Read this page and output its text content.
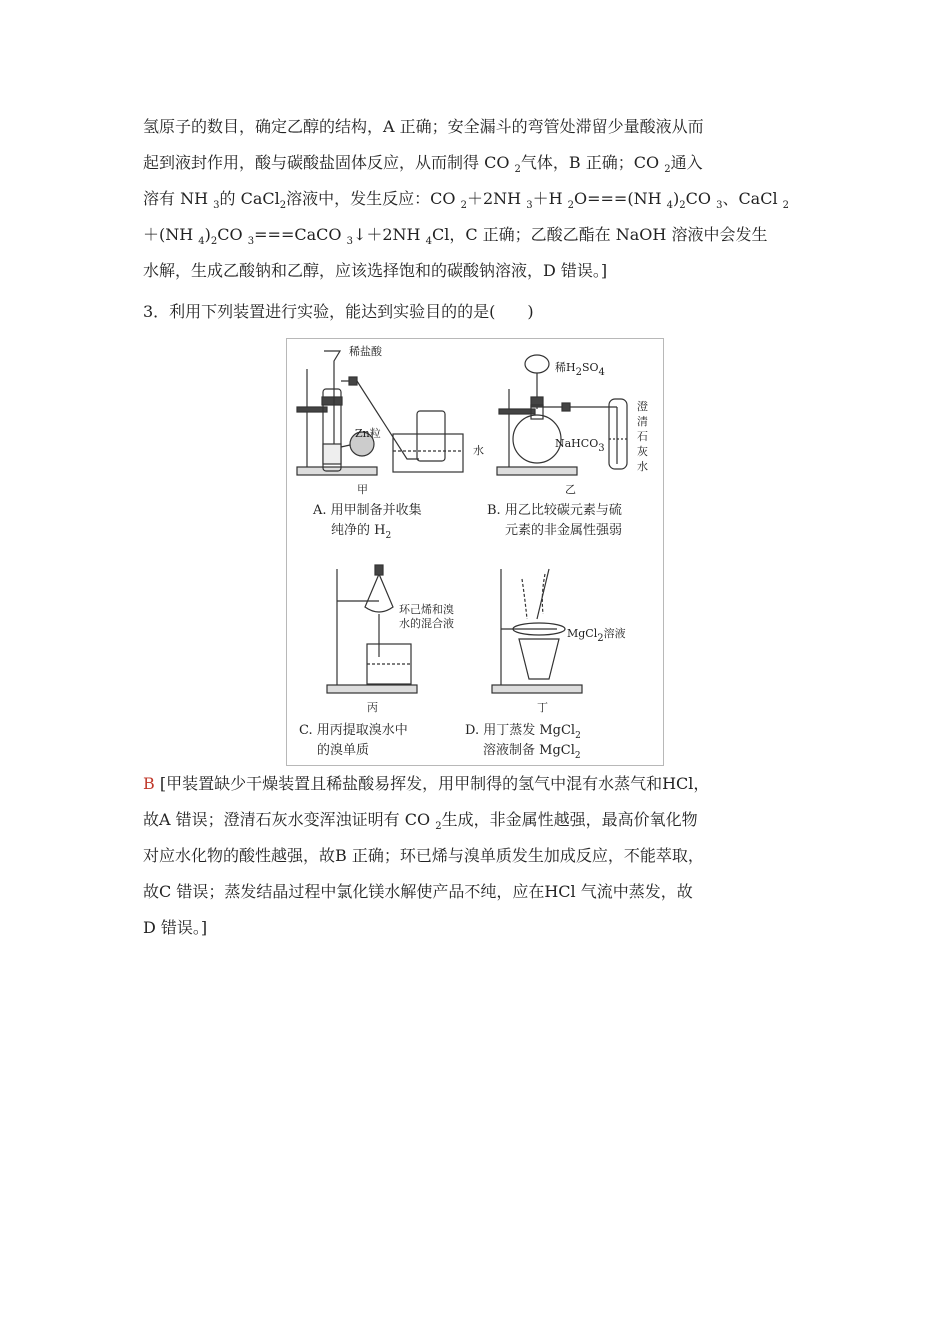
氢原子的数目，确定乙醇的结构，A 正确；安全漏斗的弯管处滞留少量酸液从而
起到液封作用，酸与碳酸盐固体反应，从而制得 CO $_2$气体，B 正确；CO $_2$通入
溶有 NH $_3$的 CaCl$_2$溶液中，发生反应：CO $_2$＋2NH $_3$＋H $_2$O===(NH $_4)_2CO$ $_3$、CaCl $_2$
＋(NH $_4)_2CO$ $_3$===CaCO $_3$↓＋2NH $_4$Cl，C 正确；乙酸乙酯在 NaOH 溶液中会发生
水解，生成乙酸钠和乙醇，应该选择饱和的碳酸钠溶液，D 错误。]
3．利用下列装置进行实验，能达到实验目的的是(　　)
稀盐酸
Zn粒
水
甲
稀$H_2SO_4$
NaHCO$_3$
澄
清
石
灰
水
乙
A. 用甲制备并收集
纯净的 $H_2$
B. 用乙比较碳元素与硫
元素的非金属性强弱
环己烯和溴
水的混合液
MgCl$_2$溶液
丙	丁
C. 用丙提取溴水中
的溴单质
D. 用丁蒸发 MgCl$_2$
溶液制备 MgCl$_2$
B [甲装置缺少干燥装置且稀盐酸易挥发，用甲制得的氢气中混有水蒸气和HCl，
故A 错误；澄清石灰水变浑浊证明有 CO $_2$生成，非金属性越强，最高价氧化物
对应水化物的酸性越强，故B 正确；环已烯与溴单质发生加成反应，不能萃取，
故C 错误；蒸发结晶过程中氯化镁水解使产品不纯，应在HCl 气流中蒸发，故
D 错误。]
